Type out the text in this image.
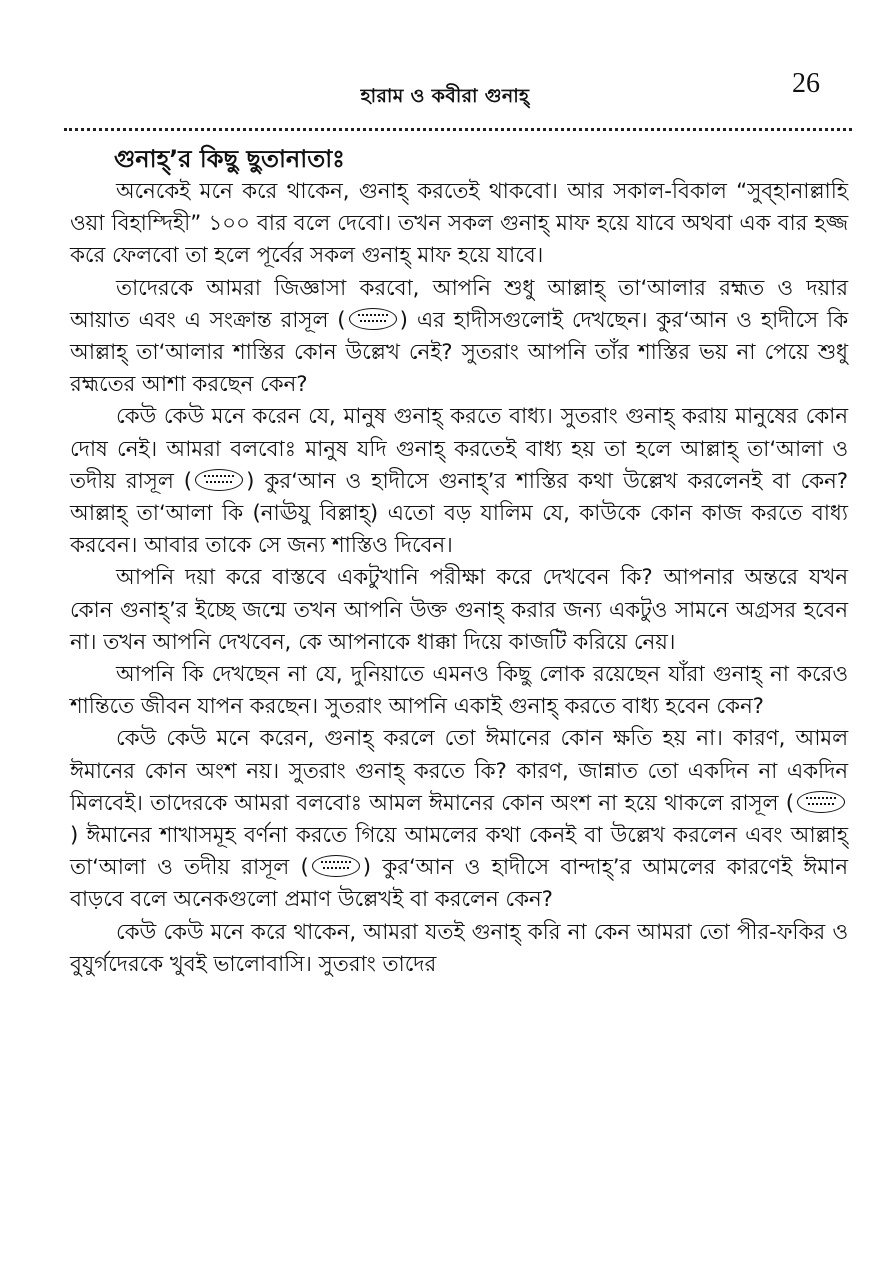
হারাম ও কবীরা গুনাহ্	26
গুনাহ্’র কিছু ছুতানাতাঃ

অনেকেই মনে করে থাকেন, গুনাহ্ করতেই থাকবো। আর সকাল-বিকাল “সুব্হানাল্লাহি ওয়া বিহাম্দিহী” ১০০ বার বলে দেবো। তখন সকল গুনাহ্ মাফ হয়ে যাবে অথবা এক বার হজ্জ করে ফেলবো তা হলে পূর্বের সকল গুনাহ্ মাফ হয়ে যাবে।

তাদেরকে আমরা জিজ্ঞাসা করবো, আপনি শুধু আল্লাহ্ তা‘আলার রহ্মত ও দয়ার আয়াত এবং এ সংক্রান্ত রাসূল (	) এর হাদীসগুলোই দেখছেন। কুর‘আন ও হাদীসে কি আল্লাহ্ তা‘আলার শাস্তির কোন উল্লেখ নেই? সুতরাং আপনি তাঁর শাস্তির ভয় না পেয়ে শুধু রহ্মতের আশা করছেন কেন?

কেউ কেউ মনে করেন যে, মানুষ গুনাহ্ করতে বাধ্য। সুতরাং গুনাহ্ করায় মানুষের কোন দোষ নেই। আমরা বলবোঃ মানুষ যদি গুনাহ্ করতেই বাধ্য হয় তা হলে আল্লাহ্ তা‘আলা ও তদীয় রাসূল (	) কুর‘আন ও হাদীসে গুনাহ্’র শাস্তির কথা উল্লেখ করলেনই বা কেন? আল্লাহ্ তা‘আলা কি (নাঊযু বিল্লাহ্) এতো বড় যালিম যে, কাউকে কোন কাজ করতে বাধ্য করবেন। আবার তাকে সে জন্য শাস্তিও দিবেন।

আপনি দয়া করে বাস্তবে একটুখানি পরীক্ষা করে দেখবেন কি? আপনার অন্তরে যখন কোন গুনাহ্’র ইচ্ছে জন্মে তখন আপনি উক্ত গুনাহ্ করার জন্য একটুও সামনে অগ্রসর হবেন না। তখন আপনি দেখবেন, কে আপনাকে ধাক্কা দিয়ে কাজটি করিয়ে নেয়।

আপনি কি দেখছেন না যে, দুনিয়াতে এমনও কিছু লোক রয়েছেন যাঁরা গুনাহ্ না করেও শান্তিতে জীবন যাপন করছেন। সুতরাং আপনি একাই গুনাহ্ করতে বাধ্য হবেন কেন?

কেউ কেউ মনে করেন, গুনাহ্ করলে তো ঈমানের কোন ক্ষতি হয় না। কারণ, আমল ঈমানের কোন অংশ নয়। সুতরাং গুনাহ্ করতে কি? কারণ, জান্নাত তো একদিন না একদিন মিলবেই। তাদেরকে আমরা বলবোঃ আমল ঈমানের কোন অংশ না হয়ে থাকলে রাসূল () ঈমানের শাখাসমূহ বর্ণনা করতে গিয়ে আমলের কথা কেনই বা উল্লেখ করলেন এবং আল্লাহ্ তা‘আলা ও তদীয় রাসূল (	) কুর‘আন ও হাদীসে বান্দাহ্’র আমলের কারণেই ঈমান বাড়বে বলে অনেকগুলো প্রমাণ উল্লেখই বা করলেন কেন?

কেউ কেউ মনে করে থাকেন, আমরা যতই গুনাহ্ করি না কেন আমরা তো পীর-ফকির ও বুযুর্গদেরকে খুবই ভালোবাসি। সুতরাং তাদের
